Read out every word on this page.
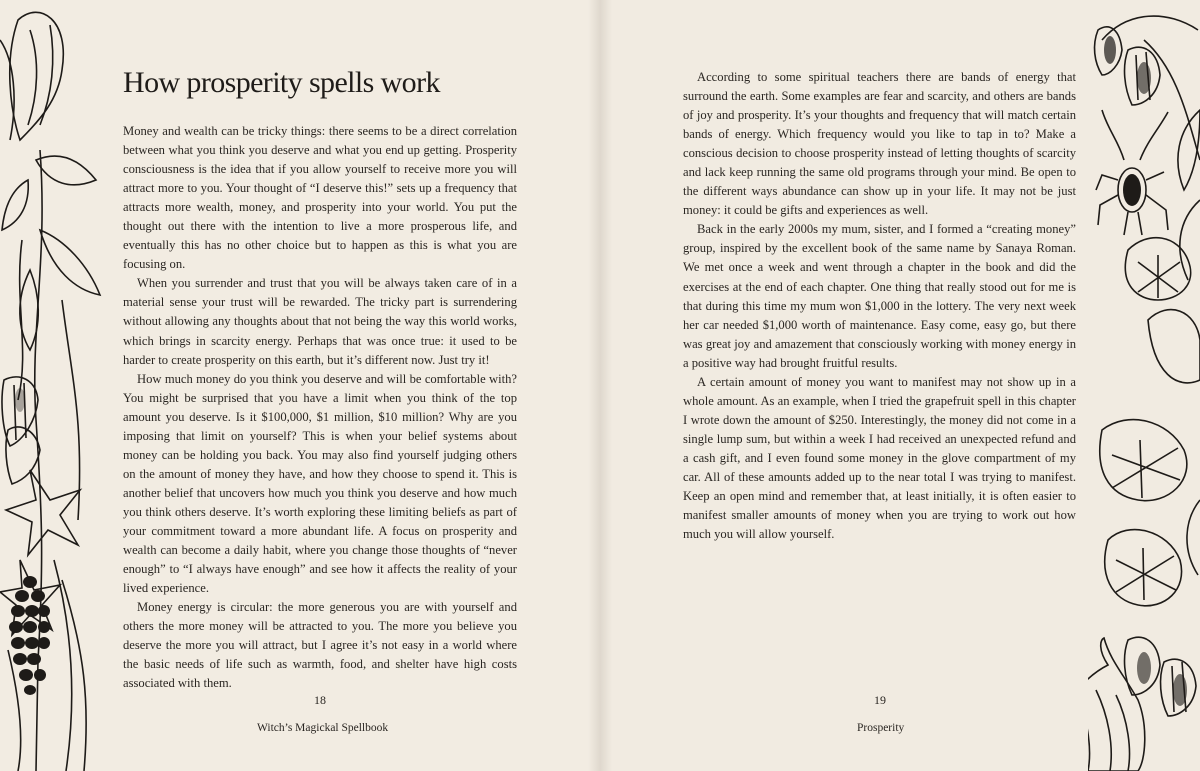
How prosperity spells work

Money and wealth can be tricky things: there seems to be a direct correlation between what you think you deserve and what you end up getting. Prosperity consciousness is the idea that if you allow yourself to receive more you will attract more to you. Your thought of “I deserve this!” sets up a frequency that attracts more wealth, money, and prosperity into your world. You put the thought out there with the intention to live a more prosperous life, and eventually this has no other choice but to happen as this is what you are focusing on.

When you surrender and trust that you will be always taken care of in a material sense your trust will be rewarded. The tricky part is surrendering without allowing any thoughts about that not being the way this world works, which brings in scarcity energy. Perhaps that was once true: it used to be harder to create prosperity on this earth, but it’s different now. Just try it!

How much money do you think you deserve and will be comfortable with? You might be surprised that you have a limit when you think of the top amount you deserve. Is it $100,000, $1 million, $10 million? Why are you imposing that limit on yourself? This is when your belief systems about money can be holding you back. You may also find yourself judging others on the amount of money they have, and how they choose to spend it. This is another belief that uncovers how much you think you deserve and how much you think others deserve. It’s worth exploring these limiting beliefs as part of your commitment toward a more abundant life. A focus on prosperity and wealth can become a daily habit, where you change those thoughts of “never enough” to “I always have enough” and see how it affects the reality of your lived experience.

Money energy is circular: the more generous you are with yourself and others the more money will be attracted to you. The more you believe you deserve the more you will attract, but I agree it’s not easy in a world where the basic needs of life such as warmth, food, and shelter have high costs associated with them.

18
Witch’s Magickal Spellbook

According to some spiritual teachers there are bands of energy that surround the earth. Some examples are fear and scarcity, and others are bands of joy and prosperity. It’s your thoughts and frequency that will match certain bands of energy. Which frequency would you like to tap in to? Make a conscious decision to choose prosperity instead of letting thoughts of scarcity and lack keep running the same old programs through your mind. Be open to the different ways abundance can show up in your life. It may not be just money: it could be gifts and experiences as well.

Back in the early 2000s my mum, sister, and I formed a “creating money” group, inspired by the excellent book of the same name by Sanaya Roman. We met once a week and went through a chapter in the book and did the exercises at the end of each chapter. One thing that really stood out for me is that during this time my mum won $1,000 in the lottery. The very next week her car needed $1,000 worth of maintenance. Easy come, easy go, but there was great joy and amazement that consciously working with money energy in a positive way had brought fruitful results.

A certain amount of money you want to manifest may not show up in a whole amount. As an example, when I tried the grapefruit spell in this chapter I wrote down the amount of $250. Interestingly, the money did not come in a single lump sum, but within a week I had received an unexpected refund and a cash gift, and I even found some money in the glove compartment of my car. All of these amounts added up to the near total I was trying to manifest. Keep an open mind and remember that, at least initially, it is often easier to manifest smaller amounts of money when you are trying to work out how much you will allow yourself.

19
Prosperity
